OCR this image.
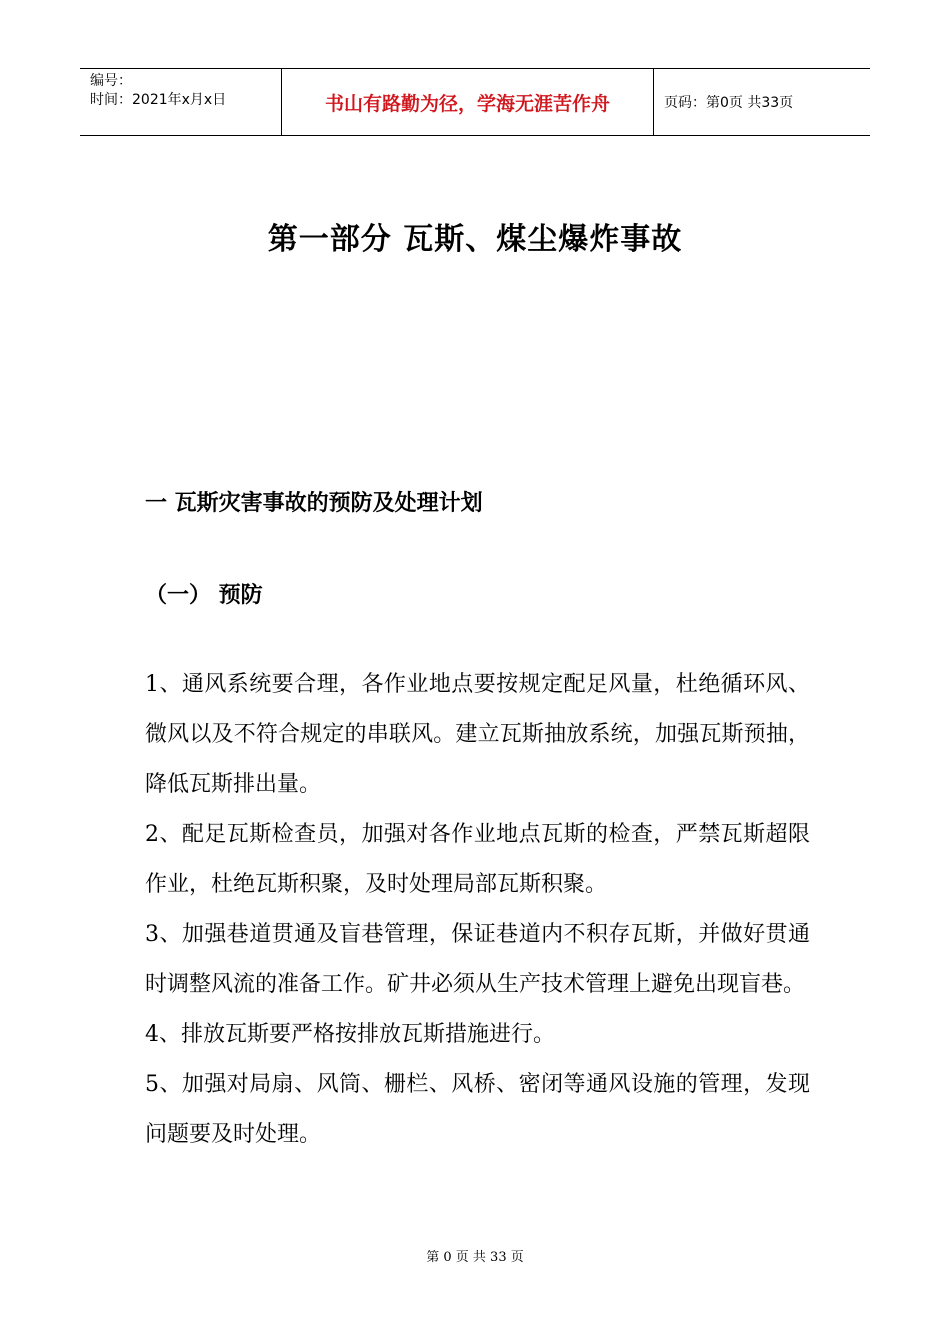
编号：
时间：2021年x月x日	书山有路勤为径，学海无涯苦作舟	页码：第0页 共33页
第一部分 瓦斯、煤尘爆炸事故
一 瓦斯灾害事故的预防及处理计划
（一） 预防

1、通风系统要合理，各作业地点要按规定配足风量，杜绝循环风、微风以及不符合规定的串联风。建立瓦斯抽放系统，加强瓦斯预抽，降低瓦斯排出量。

2、配足瓦斯检查员，加强对各作业地点瓦斯的检查，严禁瓦斯超限作业，杜绝瓦斯积聚，及时处理局部瓦斯积聚。

3、加强巷道贯通及盲巷管理，保证巷道内不积存瓦斯，并做好贯通时调整风流的准备工作。矿井必须从生产技术管理上避免出现盲巷。

4、排放瓦斯要严格按排放瓦斯措施进行。

5、加强对局扇、风筒、栅栏、风桥、密闭等通风设施的管理，发现问题要及时处理。

第 0 页 共 33 页
